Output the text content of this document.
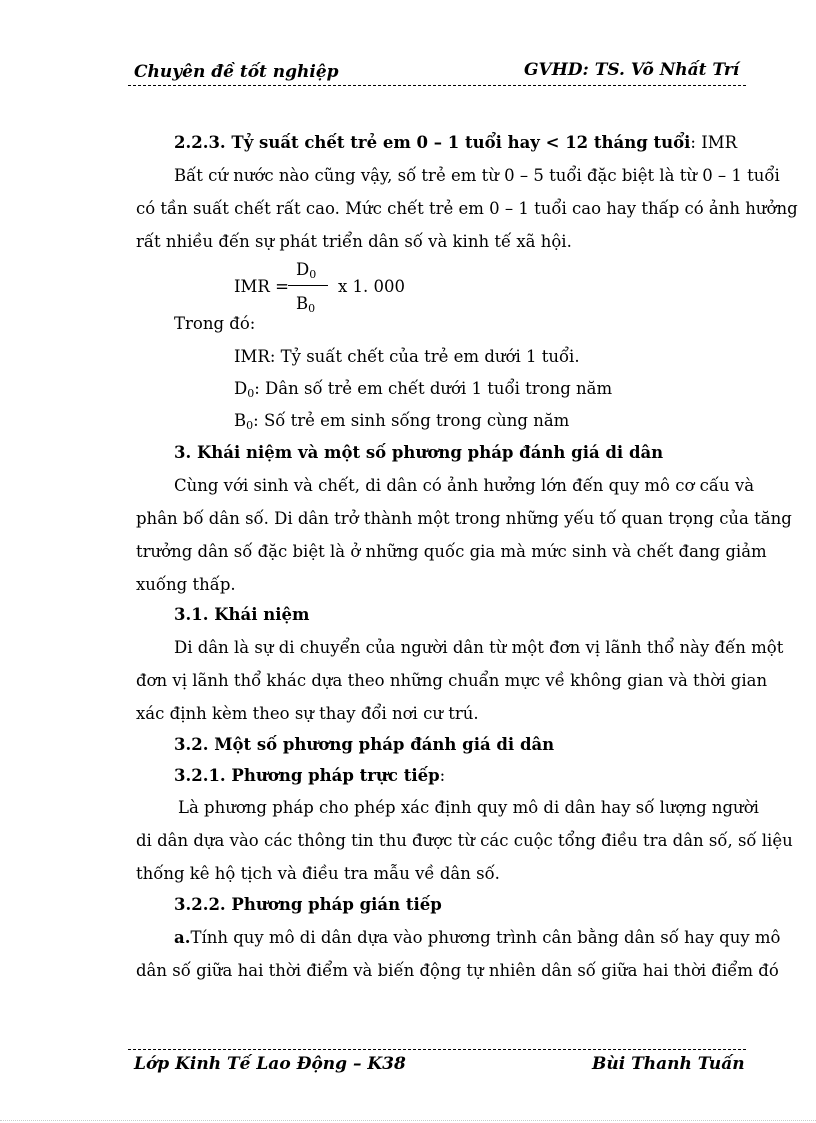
Chuyên đề tốt nghiệp	GVHD: TS. Võ Nhất Trí
2.2.3. Tỷ suất chết trẻ em 0 – 1 tuổi hay < 12 tháng tuổi: IMR
Bất cứ nước nào cũng vậy, số trẻ em từ 0 – 5 tuổi đặc biệt là từ 0 – 1 tuổi
có tần suất chết rất cao. Mức chết trẻ em 0 – 1 tuổi cao hay thấp có ảnh hưởng
rất nhiều đến sự phát triển dân số và kinh tế xã hội.
IMR =
$D_0$
$B_0$
x 1. 000
Trong đó:
IMR: Tỷ suất chết của trẻ em dưới 1 tuổi.
$D_0$: Dân số trẻ em chết dưới 1 tuổi trong năm
$B_0$: Số trẻ em sinh sống trong cùng năm
3. Khái niệm và một số phương pháp đánh giá di dân
Cùng với sinh và chết, di dân có ảnh hưởng lớn đến quy mô cơ cấu và
phân bố dân số. Di dân trở thành một trong những yếu tố quan trọng của tăng
trưởng dân số đặc biệt là ở những quốc gia mà mức sinh và chết đang giảm
xuống thấp.
3.1. Khái niệm
Di dân là sự di chuyển của người dân từ một đơn vị lãnh thổ này đến một
đơn vị lãnh thổ khác dựa theo những chuẩn mực về không gian và thời gian
xác định kèm theo sự thay đổi nơi cư trú.
3.2. Một số phương pháp đánh giá di dân
3.2.1. Phương pháp trực tiếp:
Là phương pháp cho phép xác định quy mô di dân hay số lượng người
di dân dựa vào các thông tin thu được từ các cuộc tổng điều tra dân số, số liệu
thống kê hộ tịch và điều tra mẫu về dân số.
3.2.2. Phương pháp gián tiếp
a.Tính quy mô di dân dựa vào phương trình cân bằng dân số hay quy mô
dân số giữa hai thời điểm và biến động tự nhiên dân số giữa hai thời điểm đó
Lớp Kinh Tế Lao Động – K38	Bùi Thanh Tuấn
